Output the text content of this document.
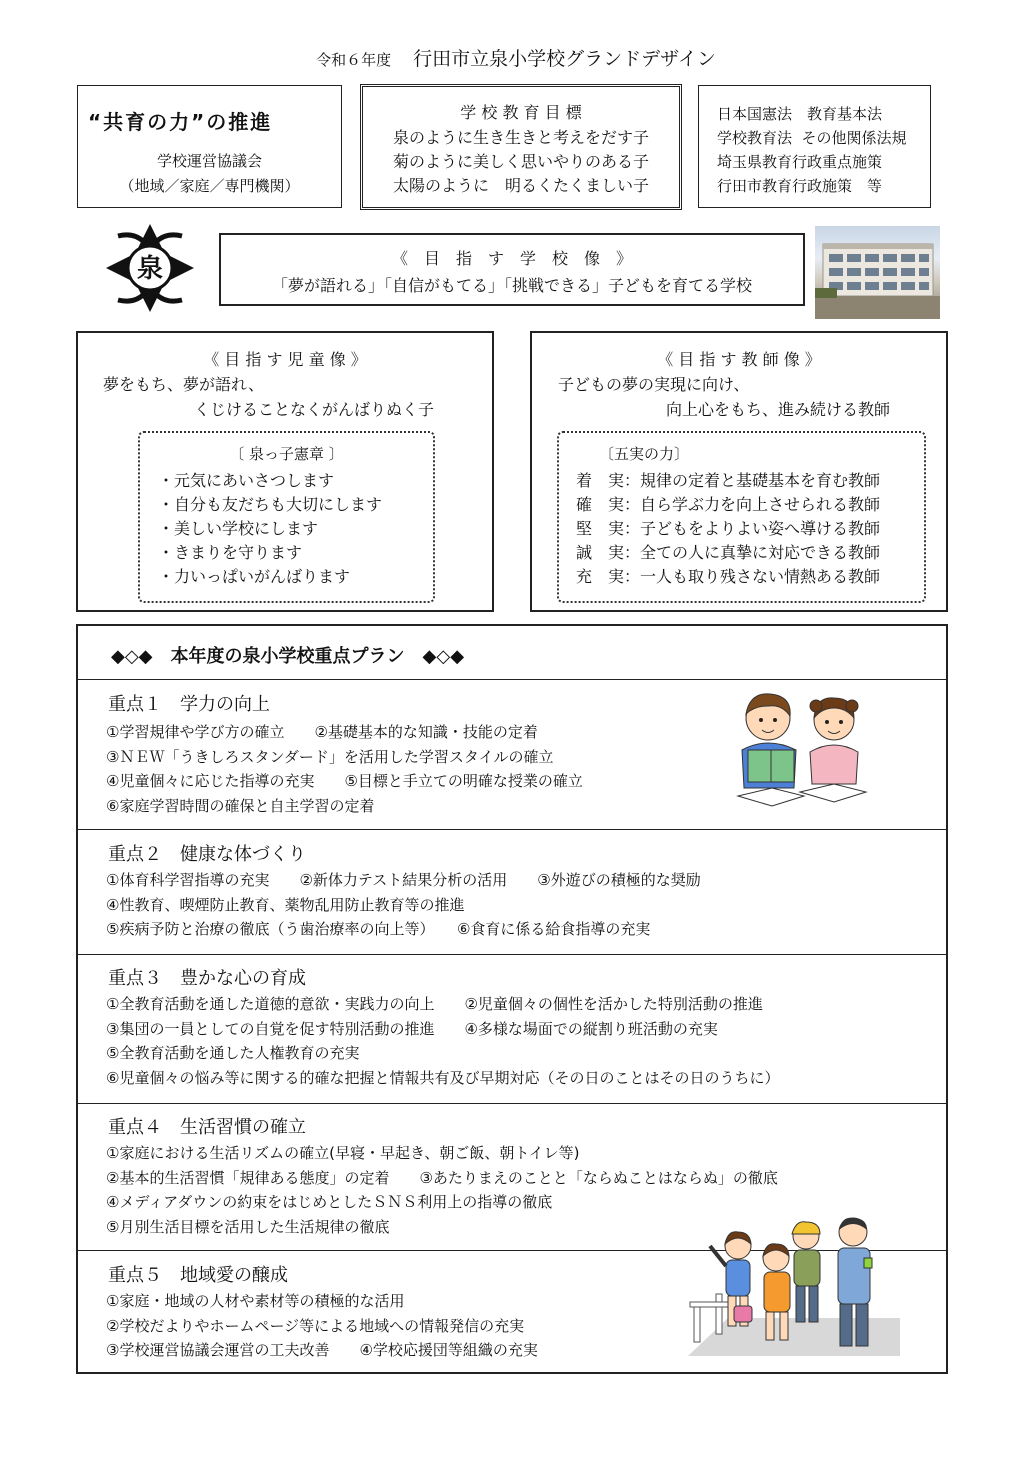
令和６年度 行田市立泉小学校グランドデザイン
“共育の力”の推進
学校運営協議会
（地域／家庭／専門機関）
学 校 教 育 目 標
泉のように生き生きと考えをだす子
菊のように美しく思いやりのある子
太陽のように　明るくたくましい子
日本国憲法　教育基本法
学校教育法  その他関係法規
埼玉県教育行政重点施策
行田市教育行政施策　等
泉	《　目　指　す　学　校　像　》
「夢が語れる」「自信がもてる」「挑戦できる」子どもを育てる学校
《 目 指 す 児 童 像 》
夢をもち、夢が語れ、
くじけることなくがんばりぬく子
〔 泉っ子憲章 〕
・元気にあいさつします
・自分も友だちも大切にします
・美しい学校にします
・きまりを守ります
・力いっぱいがんばります
《 目 指 す 教 師 像 》
子どもの夢の実現に向け、
向上心をもち、進み続ける教師
〔五実の力〕
着　実：規律の定着と基礎基本を育む教師
確　実：自ら学ぶ力を向上させられる教師
堅　実：子どもをよりよい姿へ導ける教師
誠　実：全ての人に真摯に対応できる教師
充　実：一人も取り残さない情熱ある教師
◆◇◆　本年度の泉小学校重点プラン　◆◇◆
重点１　学力の向上
①学習規律や学び方の確立　　②基礎基本的な知識・技能の定着
③ＮＥＷ「うきしろスタンダード」を活用した学習スタイルの確立
④児童個々に応じた指導の充実　　⑤目標と手立ての明確な授業の確立
⑥家庭学習時間の確保と自主学習の定着
重点２　健康な体づくり
①体育科学習指導の充実　　②新体力テスト結果分析の活用　　③外遊びの積極的な奨励
④性教育、喫煙防止教育、薬物乱用防止教育等の推進
⑤疾病予防と治療の徹底（う歯治療率の向上等）　　⑥食育に係る給食指導の充実
重点３　豊かな心の育成
①全教育活動を通した道徳的意欲・実践力の向上　　②児童個々の個性を活かした特別活動の推進
③集団の一員としての自覚を促す特別活動の推進　　④多様な場面での縦割り班活動の充実
⑤全教育活動を通した人権教育の充実
⑥児童個々の悩み等に関する的確な把握と情報共有及び早期対応（その日のことはその日のうちに）
重点４　生活習慣の確立
①家庭における生活リズムの確立(早寝・早起き、朝ご飯、朝トイレ等)
②基本的生活習慣「規律ある態度」の定着　　③あたりまえのことと「ならぬことはならぬ」の徹底
④メディアダウンの約束をはじめとしたＳＮＳ利用上の指導の徹底
⑤月別生活目標を活用した生活規律の徹底
重点５　地域愛の醸成
①家庭・地域の人材や素材等の積極的な活用
②学校だよりやホームページ等による地域への情報発信の充実
③学校運営協議会運営の工夫改善　　④学校応援団等組織の充実
